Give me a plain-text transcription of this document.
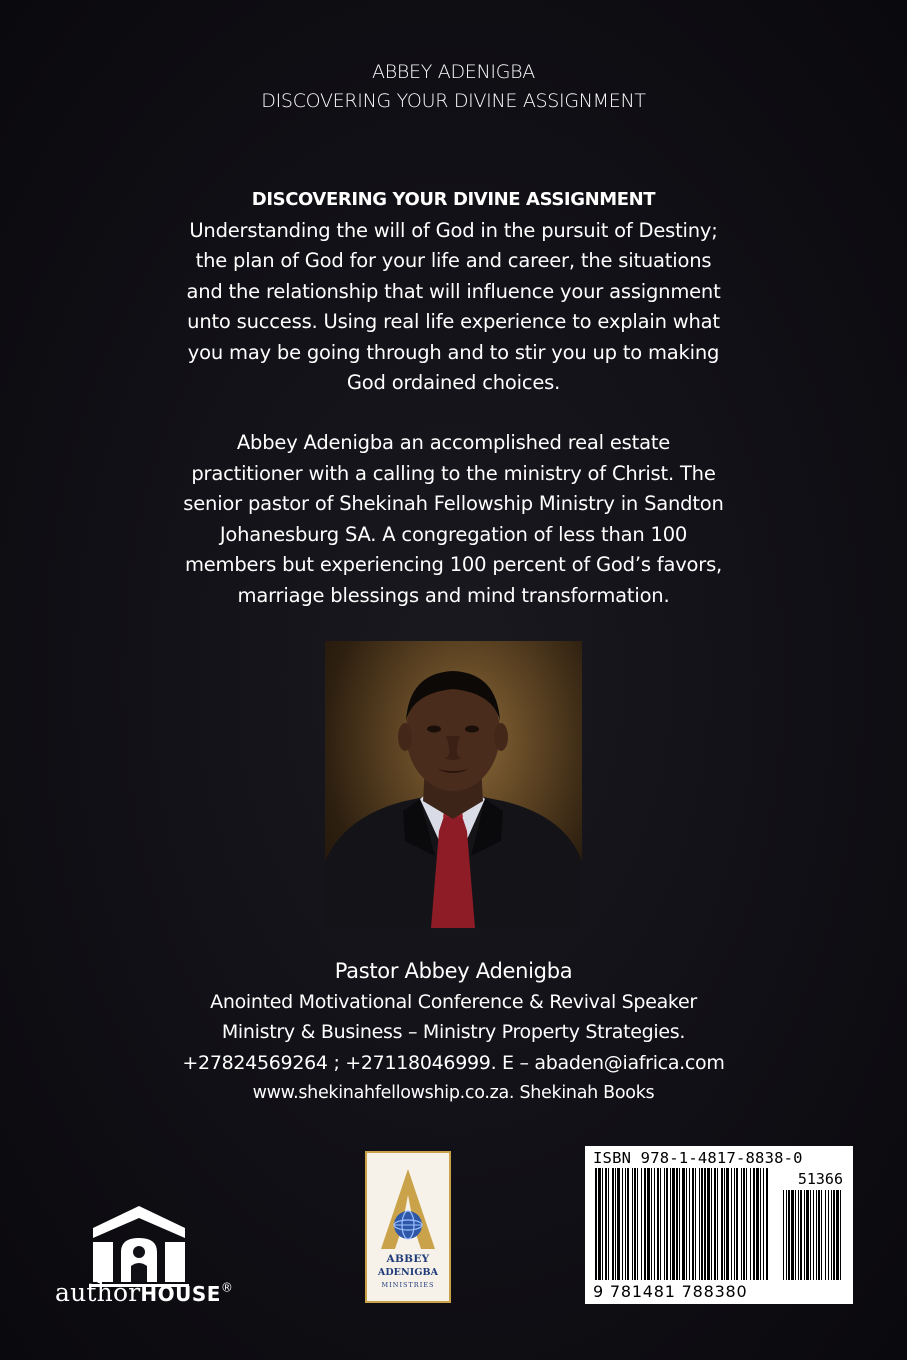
ABBEY ADENIGBA
DISCOVERING YOUR DIVINE ASSIGNMENT
DISCOVERING YOUR DIVINE ASSIGNMENT
Understanding the will of God in the pursuit of Destiny;
the plan of God for your life and career, the situations
and the relationship that will influence your assignment
unto success. Using real life experience to explain what
you may be going through and to stir you up to making
God ordained choices.
Abbey Adenigba an accomplished real estate
practitioner with a calling to the ministry of Christ. The
senior pastor of Shekinah Fellowship Ministry in Sandton
Johanesburg SA. A congregation of less than 100
members but experiencing 100 percent of God’s favors,
marriage blessings and mind transformation.
Pastor Abbey Adenigba
Anointed Motivational Conference & Revival Speaker
Ministry & Business – Ministry Property Strategies.
+27824569264 ; +27118046999. E – abaden@iafrica.com
www.shekinahfellowship.co.za. Shekinah Books
authorHOUSE®
ABBEY
ADENIGBA
MINISTRIES
ISBN 978-1-4817-8838-0
51366
9 781481 788380
